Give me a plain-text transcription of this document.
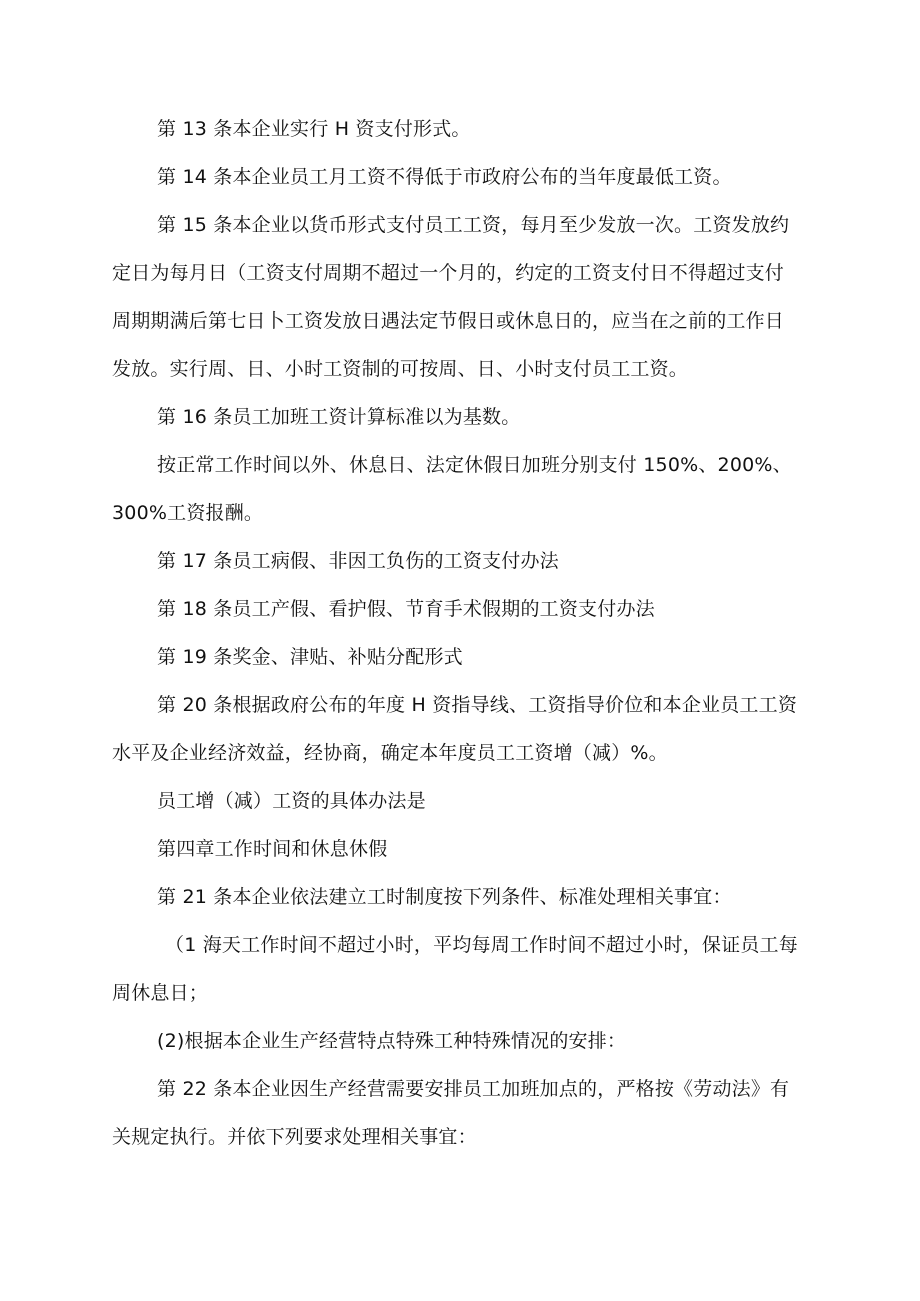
第 13 条本企业实行 H 资支付形式。
第 14 条本企业员工月工资不得低于市政府公布的当年度最低工资。
第 15 条本企业以货币形式支付员工工资，每月至少发放一次。工资发放约
定日为每月日（工资支付周期不超过一个月的，约定的工资支付日不得超过支付
周期期满后第七日卜工资发放日遇法定节假日或休息日的，应当在之前的工作日
发放。实行周、日、小时工资制的可按周、日、小时支付员工工资。
第 16 条员工加班工资计算标准以为基数。
按正常工作时间以外、休息日、法定休假日加班分别支付 150%、200%、
300%工资报酬。
第 17 条员工病假、非因工负伤的工资支付办法
第 18 条员工产假、看护假、节育手术假期的工资支付办法
第 19 条奖金、津贴、补贴分配形式
第 20 条根据政府公布的年度 H 资指导线、工资指导价位和本企业员工工资
水平及企业经济效益，经协商，确定本年度员工工资增（减）%。
员工增（减）工资的具体办法是
第四章工作时间和休息休假
第 21 条本企业依法建立工时制度按下列条件、标准处理相关事宜：
（1 海天工作时间不超过小时，平均每周工作时间不超过小时，保证员工每
周休息日；
(2)根据本企业生产经营特点特殊工种特殊情况的安排：
第 22 条本企业因生产经营需要安排员工加班加点的，严格按《劳动法》有
关规定执行。并依下列要求处理相关事宜：
